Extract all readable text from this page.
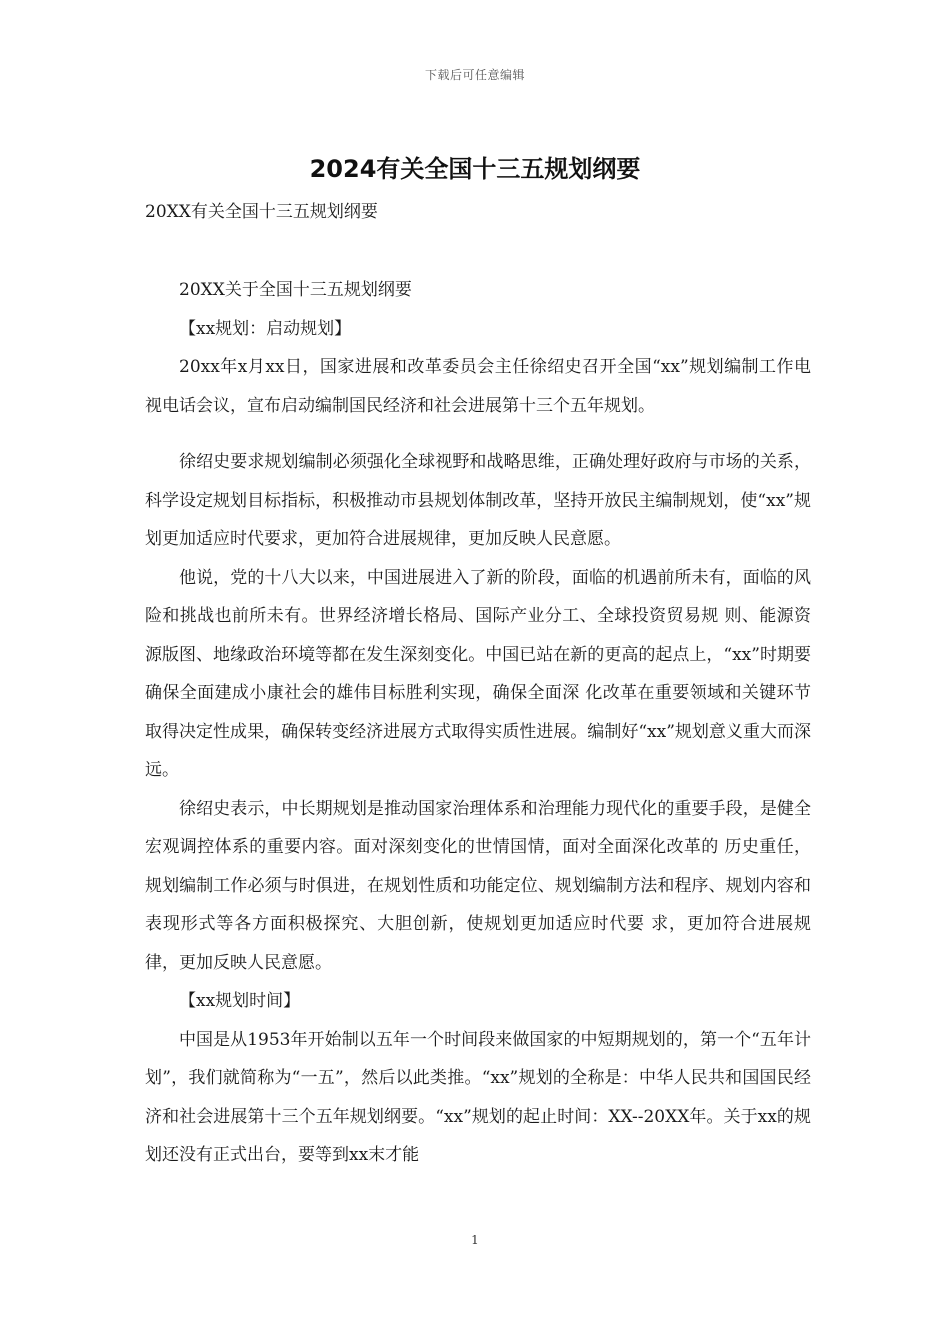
下载后可任意编辑
2024有关全国十三五规划纲要
20XX有关全国十三五规划纲要

20XX关于全国十三五规划纲要

【xx规划：启动规划】

20xx年x月xx日，国家进展和改革委员会主任徐绍史召开全国“xx”规划编制工作电视电话会议，宣布启动编制国民经济和社会进展第十三个五年规划。

徐绍史要求规划编制必须强化全球视野和战略思维，正确处理好政府与市场的关系，科学设定规划目标指标，积极推动市县规划体制改革，坚持开放民主编制规划，使“xx”规划更加适应时代要求，更加符合进展规律，更加反映人民意愿。

他说，党的十八大以来，中国进展进入了新的阶段，面临的机遇前所未有，面临的风险和挑战也前所未有。世界经济增长格局、国际产业分工、全球投资贸易规 则、能源资源版图、地缘政治环境等都在发生深刻变化。中国已站在新的更高的起点上，“xx”时期要确保全面建成小康社会的雄伟目标胜利实现，确保全面深 化改革在重要领域和关键环节取得决定性成果，确保转变经济进展方式取得实质性进展。编制好“xx”规划意义重大而深远。

徐绍史表示，中长期规划是推动国家治理体系和治理能力现代化的重要手段，是健全宏观调控体系的重要内容。面对深刻变化的世情国情，面对全面深化改革的 历史重任，规划编制工作必须与时俱进，在规划性质和功能定位、规划编制方法和程序、规划内容和表现形式等各方面积极探究、大胆创新，使规划更加适应时代要 求，更加符合进展规律，更加反映人民意愿。

【xx规划时间】

中国是从1953年开始制以五年一个时间段来做国家的中短期规划的，第一个“五年计划”，我们就简称为“一五”，然后以此类推。“xx”规划的全称是：中华人民共和国国民经济和社会进展第十三个五年规划纲要。“xx”规划的起止时间：XX--20XX年。关于xx的规划还没有正式出台，要等到xx末才能

1
